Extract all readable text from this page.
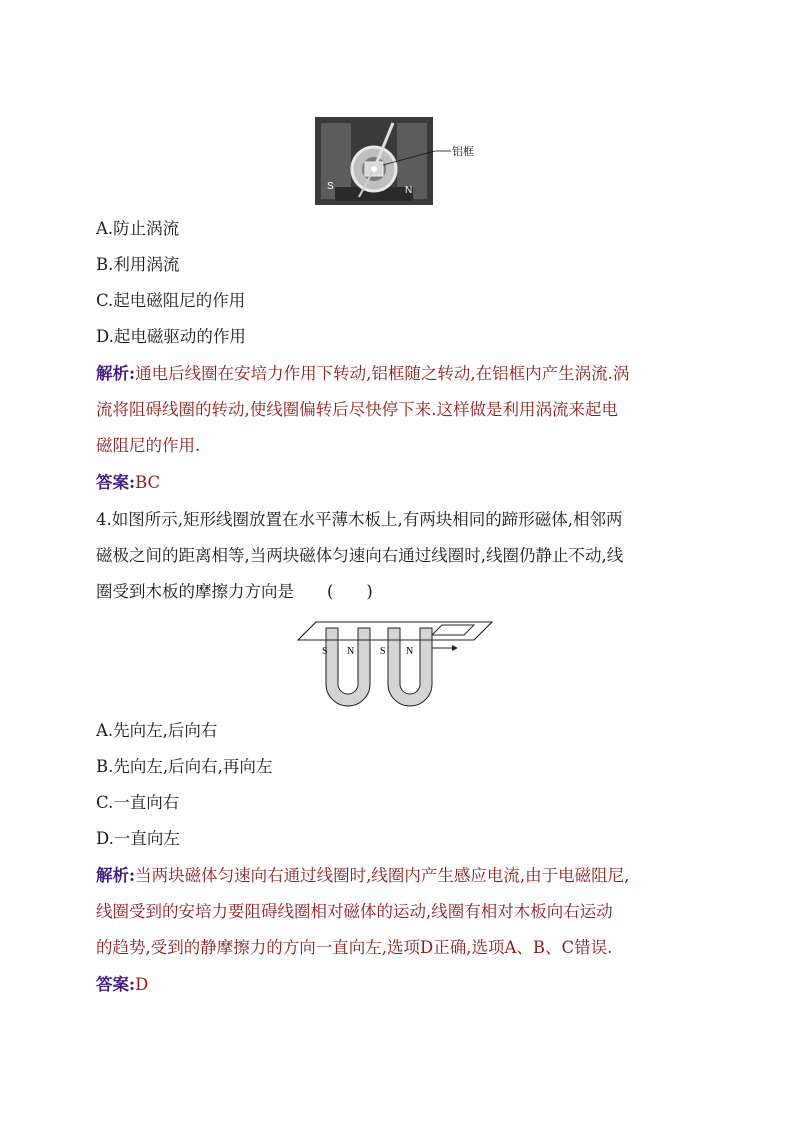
S	N
铝框
A.防止涡流
B.利用涡流
C.起电磁阻尼的作用
D.起电磁驱动的作用
解析:通电后线圈在安培力作用下转动,铝框随之转动,在铝框内产生涡流.涡
流将阻碍线圈的转动,使线圈偏转后尽快停下来.这样做是利用涡流来起电
磁阻尼的作用.
答案:BC
4.如图所示,矩形线圈放置在水平薄木板上,有两块相同的蹄形磁体,相邻两
磁极之间的距离相等,当两块磁体匀速向右通过线圈时,线圈仍静止不动,线
圈受到木板的摩擦力方向是　　(　　)
S N	S N
A.先向左,后向右
B.先向左,后向右,再向左
C.一直向右
D.一直向左
解析:当两块磁体匀速向右通过线圈时,线圈内产生感应电流,由于电磁阻尼,
线圈受到的安培力要阻碍线圈相对磁体的运动,线圈有相对木板向右运动
的趋势,受到的静摩擦力的方向一直向左,选项D正确,选项A、B、C错误.
答案:D
